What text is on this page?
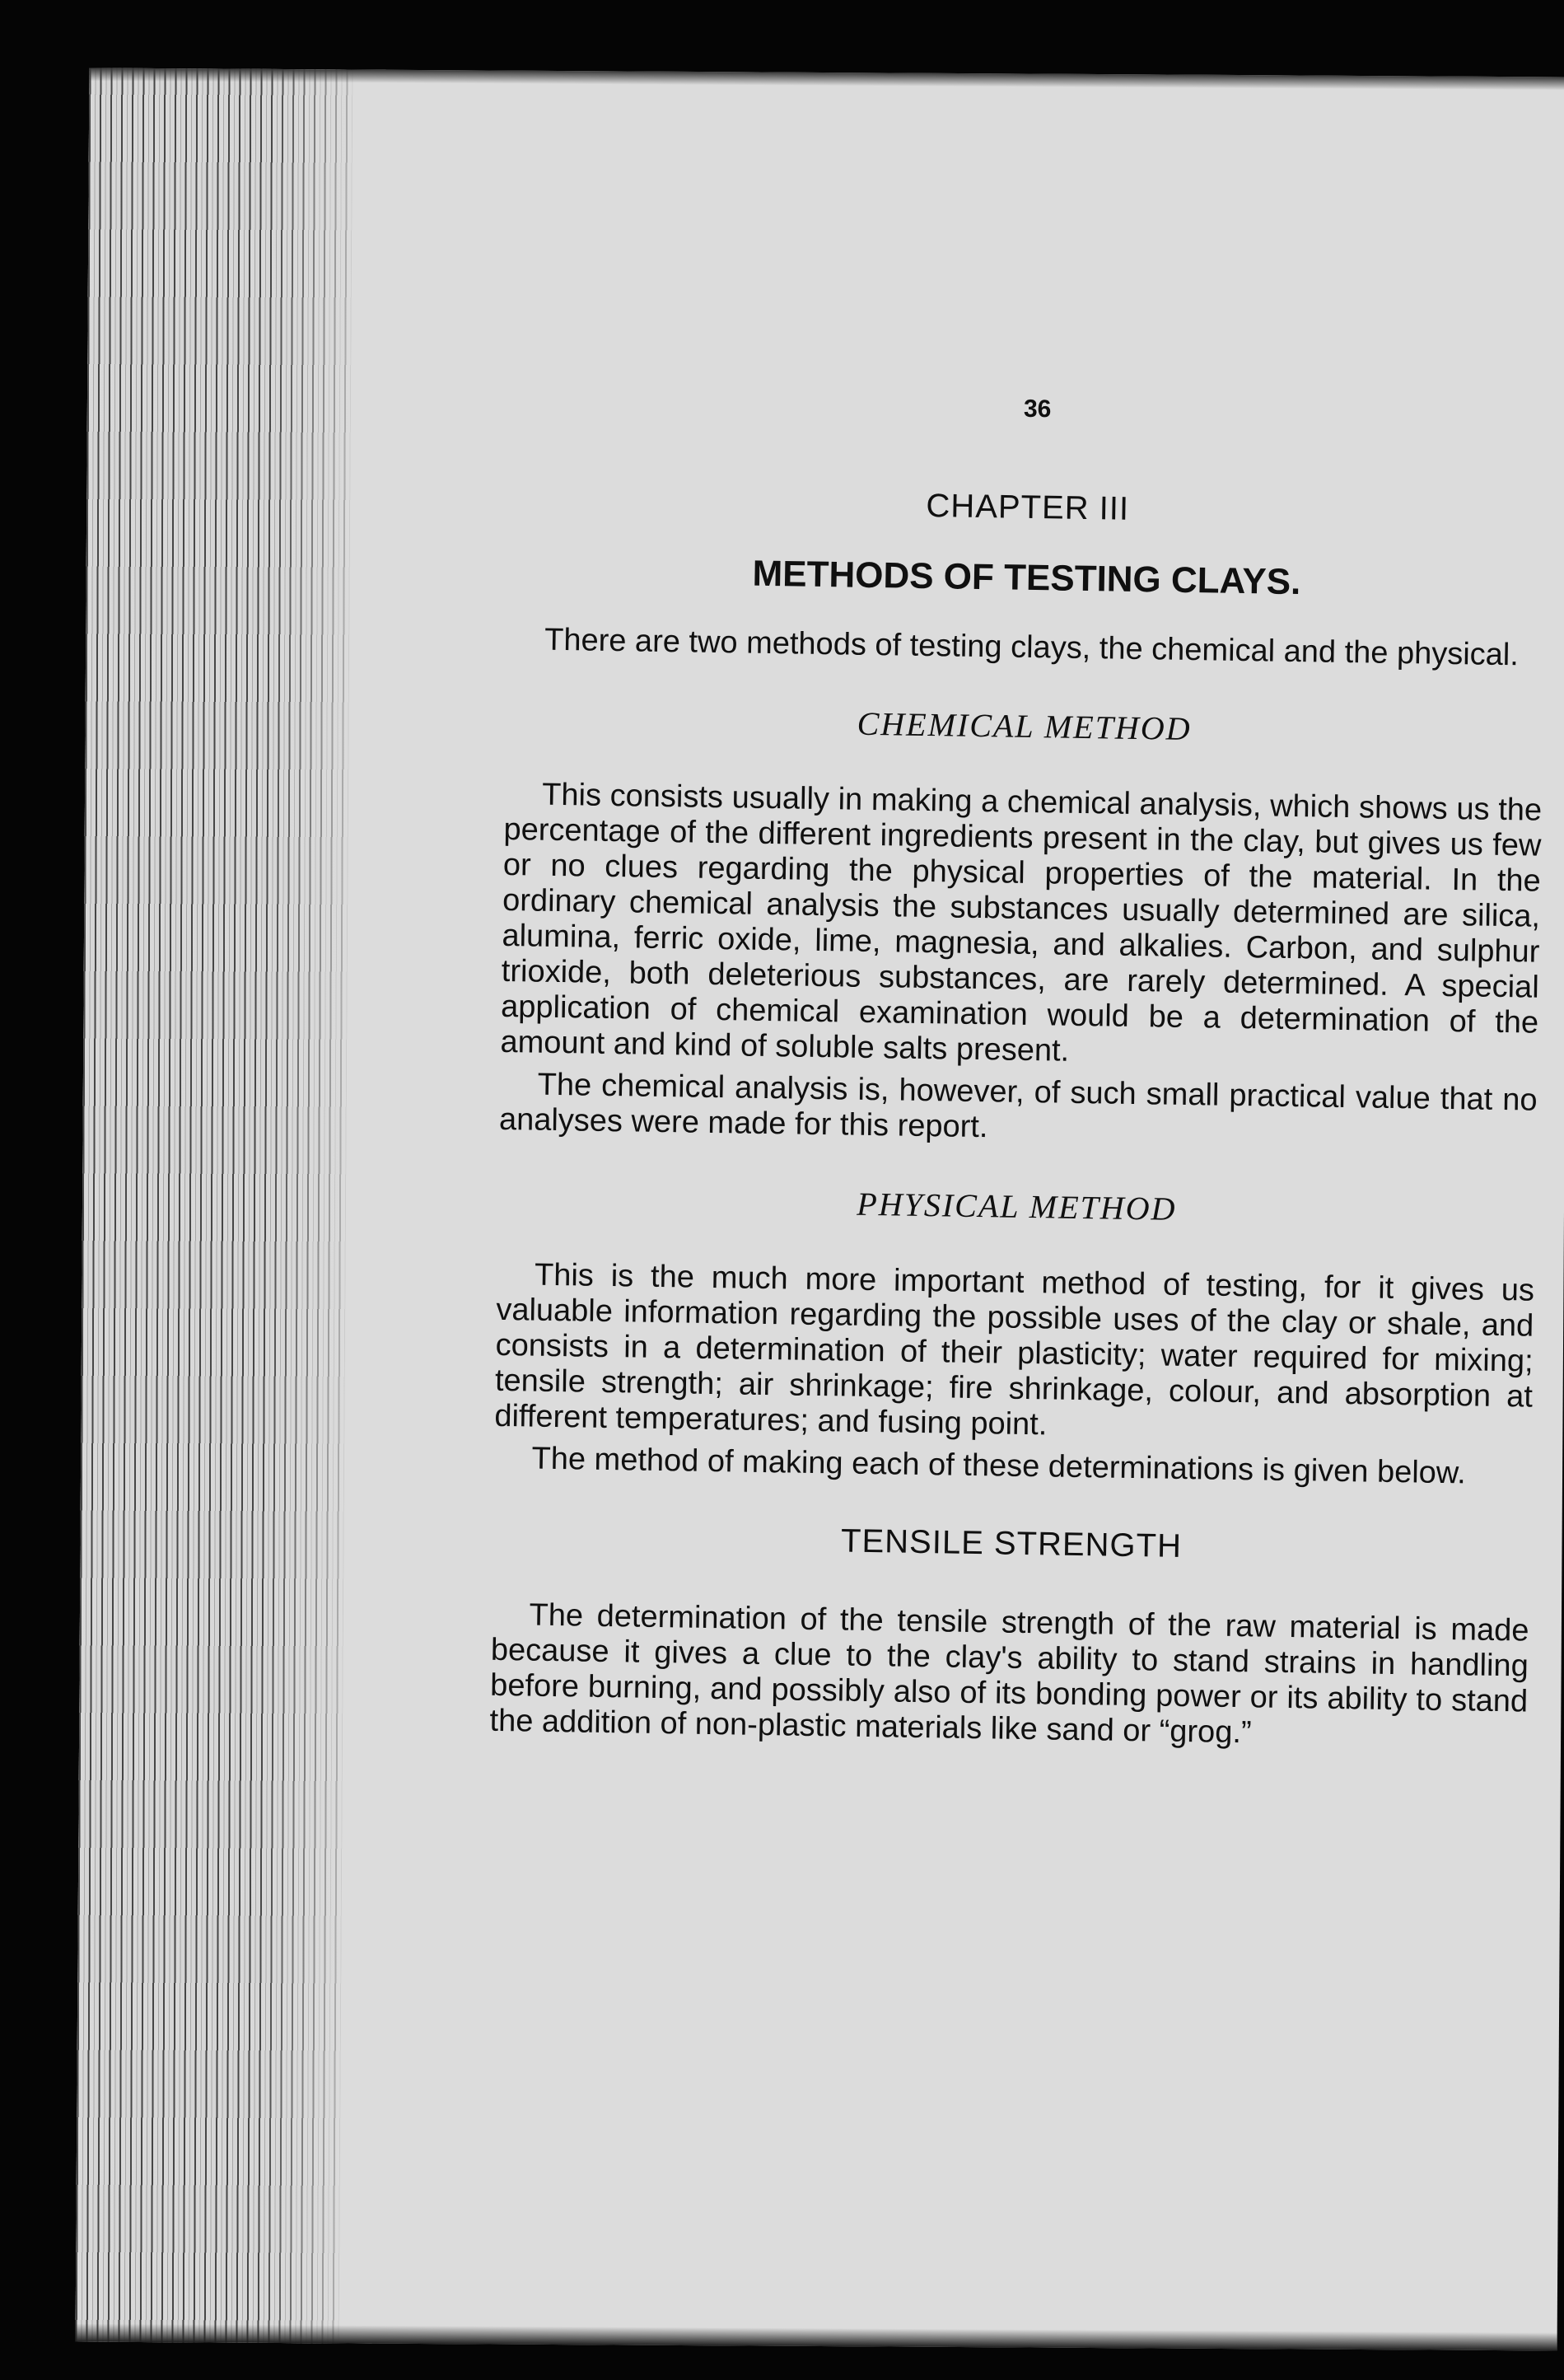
36
CHAPTER III
METHODS OF TESTING CLAYS.

There are two methods of testing clays, the chemical and the physical.

CHEMICAL METHOD

This consists usually in making a chemical analysis, which shows us the percentage of the different ingredients present in the clay, but gives us few or no clues regarding the physical properties of the material. In the ordinary chemical analysis the substances usually determined are silica, alumina, ferric oxide, lime, magnesia, and alkalies. Carbon, and sulphur trioxide, both deleterious substances, are rarely determined. A special application of chemical examination would be a determination of the amount and kind of soluble salts present.

The chemical analysis is, however, of such small practical value that no analyses were made for this report.

PHYSICAL METHOD

This is the much more important method of testing, for it gives us valuable information regarding the possible uses of the clay or shale, and consists in a determination of their plasticity; water required for mixing; tensile strength; air shrinkage; fire shrinkage, colour, and absorption at different temperatures; and fusing point.

The method of making each of these determinations is given below.

TENSILE STRENGTH

The determination of the tensile strength of the raw material is made because it gives a clue to the clay's ability to stand strains in handling before burning, and possibly also of its bonding power or its ability to stand the addition of non-plastic materials like sand or “grog.”
